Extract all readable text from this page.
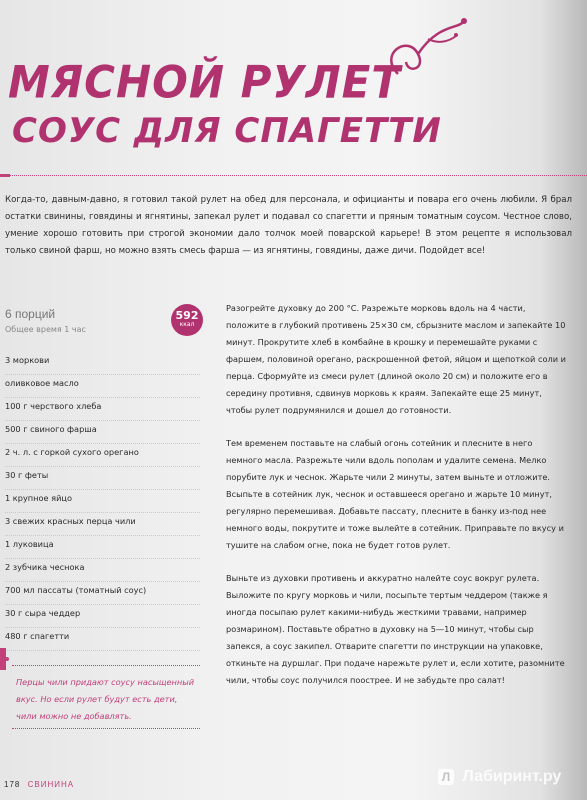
МЯСНОЙ РУЛЕТ
СОУС ДЛЯ СПАГЕТТИ
Когда-то, давным-давно, я готовил такой рулет на обед для персонала, и официанты и повара его очень любили. Я брал остатки свинины, говядины и ягнятины, запекал рулет и подавал со спагетти и пряным томатным соусом. Честное слово, умение хорошо готовить при строгой экономии дало толчок моей поварской карьере! В этом рецепте я использовал только свиной фарш, но можно взять смесь фарша — из ягнятины, говядины, даже дичи. Подойдет все!
6 порций
Общее время 1 час
592
ккал
3 моркови
оливковое масло
100 г черствого хлеба
500 г свиного фарша
2 ч. л. с горкой сухого орегано
30 г феты
1 крупное яйцо
3 свежих красных перца чили
1 луковица
2 зубчика чеснока
700 мл пассаты (томатный соус)
30 г сыра чеддер
480 г спагетти

Разогрейте духовку до 200 °С. Разрежьте морковь вдоль на 4 части, положите в глубокий противень 25×30 см, сбрызните маслом и запекайте 10 минут. Прокрутите хлеб в комбайне в крошку и перемешайте руками с фаршем, половиной орегано, раскрошенной фетой, яйцом и щепоткой соли и перца. Сформуйте из смеси рулет (длиной около 20 см) и положите его в середину противня, сдвинув морковь к краям. Запекайте еще 25 минут, чтобы рулет подрумянился и дошел до готовности.

Тем временем поставьте на слабый огонь сотейник и плесните в него немного масла. Разрежьте чили вдоль пополам и удалите семена. Мелко порубите лук и чеснок. Жарьте чили 2 минуты, затем выньте и отложите. Всыпьте в сотейник лук, чеснок и оставшееся орегано и жарьте 10 минут, регулярно перемешивая. Добавьте пассату, плесните в банку из-под нее немного воды, покрутите и тоже вылейте в сотейник. Приправьте по вкусу и тушите на слабом огне, пока не будет готов рулет.

Выньте из духовки противень и аккуратно налейте соус вокруг рулета. Выложите по кругу морковь и чили, посыпьте тертым чеддером (также я иногда посыпаю рулет какими-нибудь жесткими травами, например розмарином). Поставьте обратно в духовку на 5—10 минут, чтобы сыр запекся, а соус закипел. Отварите спагетти по инструкции на упаковке, откиньте на дуршлаг. При подаче нарежьте рулет и, если хотите, разомните чили, чтобы соус получился поострее. И не забудьте про салат!

Перцы чили придают соусу насыщенный вкус. Но если рулет будут есть дети, чили можно не добавлять.
178 СВИНИНА
Л Лабиринт.ру
